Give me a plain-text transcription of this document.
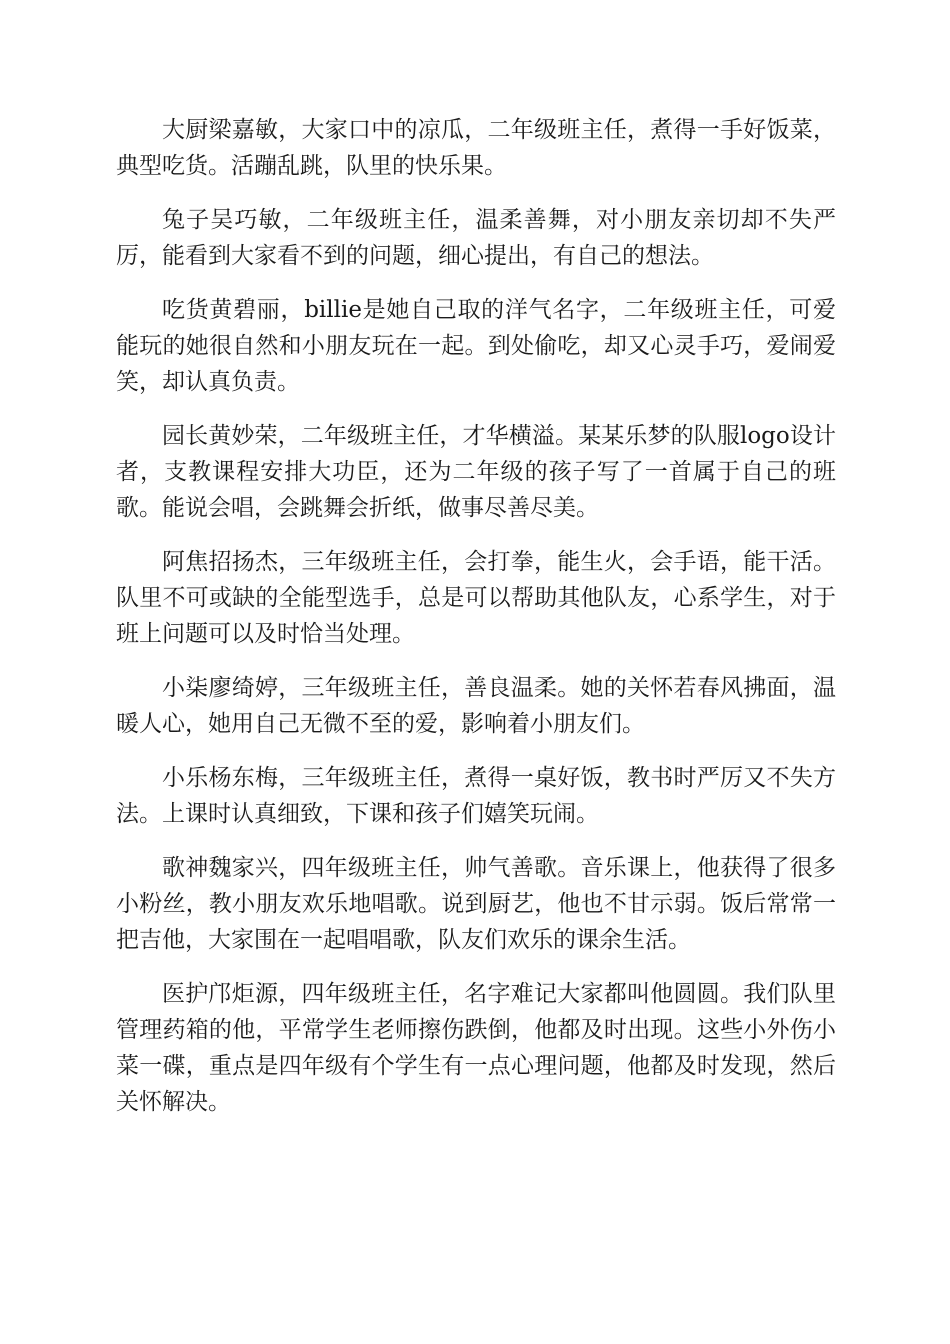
大厨梁嘉敏，大家口中的凉瓜，二年级班主任，煮得一手好饭菜，典型吃货。活蹦乱跳，队里的快乐果。

兔子吴巧敏，二年级班主任，温柔善舞，对小朋友亲切却不失严厉，能看到大家看不到的问题，细心提出，有自己的想法。

吃货黄碧丽，billie是她自己取的洋气名字，二年级班主任，可爱能玩的她很自然和小朋友玩在一起。到处偷吃，却又心灵手巧，爱闹爱笑，却认真负责。

园长黄妙荣，二年级班主任，才华横溢。某某乐梦的队服logo设计者，支教课程安排大功臣，还为二年级的孩子写了一首属于自己的班歌。能说会唱，会跳舞会折纸，做事尽善尽美。

阿焦招扬杰，三年级班主任，会打拳，能生火，会手语，能干活。队里不可或缺的全能型选手，总是可以帮助其他队友，心系学生，对于班上问题可以及时恰当处理。

小柒廖绮婷，三年级班主任，善良温柔。她的关怀若春风拂面，温暖人心，她用自己无微不至的爱，影响着小朋友们。

小乐杨东梅，三年级班主任，煮得一桌好饭，教书时严厉又不失方法。上课时认真细致，下课和孩子们嬉笑玩闹。

歌神魏家兴，四年级班主任，帅气善歌。音乐课上，他获得了很多小粉丝，教小朋友欢乐地唱歌。说到厨艺，他也不甘示弱。饭后常常一把吉他，大家围在一起唱唱歌，队友们欢乐的课余生活。

医护邝炬源，四年级班主任，名字难记大家都叫他圆圆。我们队里管理药箱的他，平常学生老师擦伤跌倒，他都及时出现。这些小外伤小菜一碟，重点是四年级有个学生有一点心理问题，他都及时发现，然后关怀解决。
